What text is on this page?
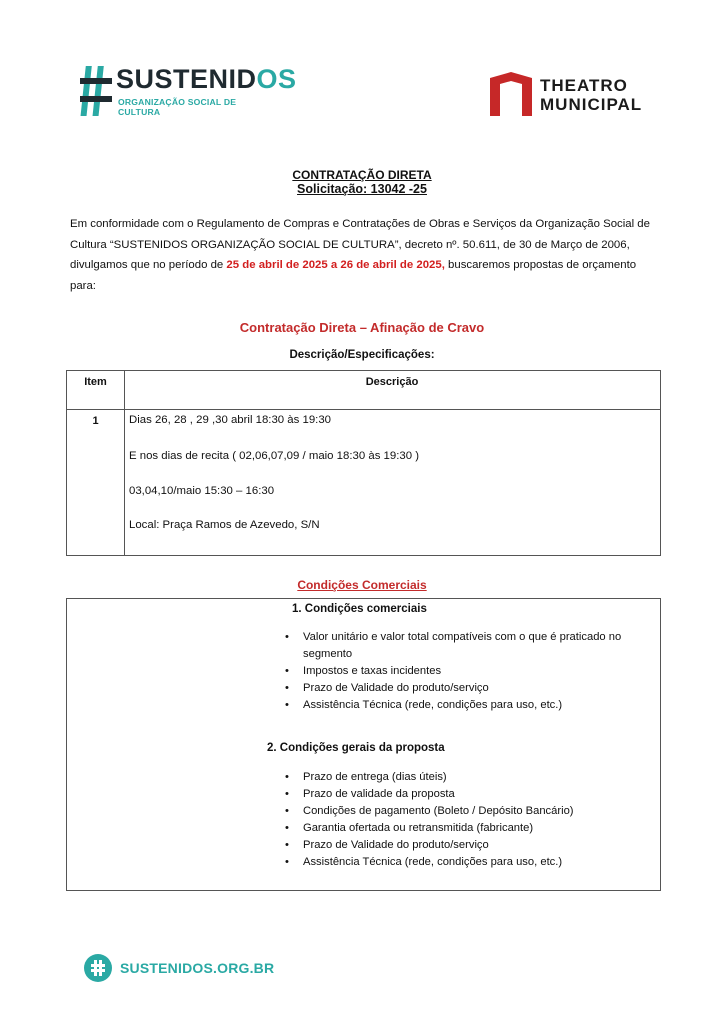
SUSTENIDOS
ORGANIZAÇÃO SOCIAL DE CULTURA
THEATRO
MUNICIPAL
CONTRATAÇÃO DIRETA
Solicitação: 13042 -25
Em conformidade com o Regulamento de Compras e Contratações de Obras e Serviços da Organização Social de Cultura “SUSTENIDOS ORGANIZAÇÃO SOCIAL DE CULTURA”, decreto nº. 50.611, de 30 de Março de 2006, divulgamos que no período de 25 de abril de 2025 a 26 de abril de 2025, buscaremos propostas de orçamento para:
Contratação Direta – Afinação de Cravo
Descrição/Especificações:
Item	Descrição
1	Dias 26, 28 , 29 ,30 abril 18:30 às 19:30
E nos dias de recita ( 02,06,07,09 / maio 18:30 às 19:30 )
03,04,10/maio 15:30 – 16:30
Local: Praça Ramos de Azevedo, S/N
Condições Comerciais
1. Condições comerciais
• Valor unitário e valor total compatíveis com o que é praticado no segmento
• Impostos e taxas incidentes
• Prazo de Validade do produto/serviço
• Assistência Técnica (rede, condições para uso, etc.)
2. Condições gerais da proposta
• Prazo de entrega (dias úteis)
• Prazo de validade da proposta
• Condições de pagamento (Boleto / Depósito Bancário)
• Garantia ofertada ou retransmitida (fabricante)
• Prazo de Validade do produto/serviço
• Assistência Técnica (rede, condições para uso, etc.)
SUSTENIDOS.ORG.BR
